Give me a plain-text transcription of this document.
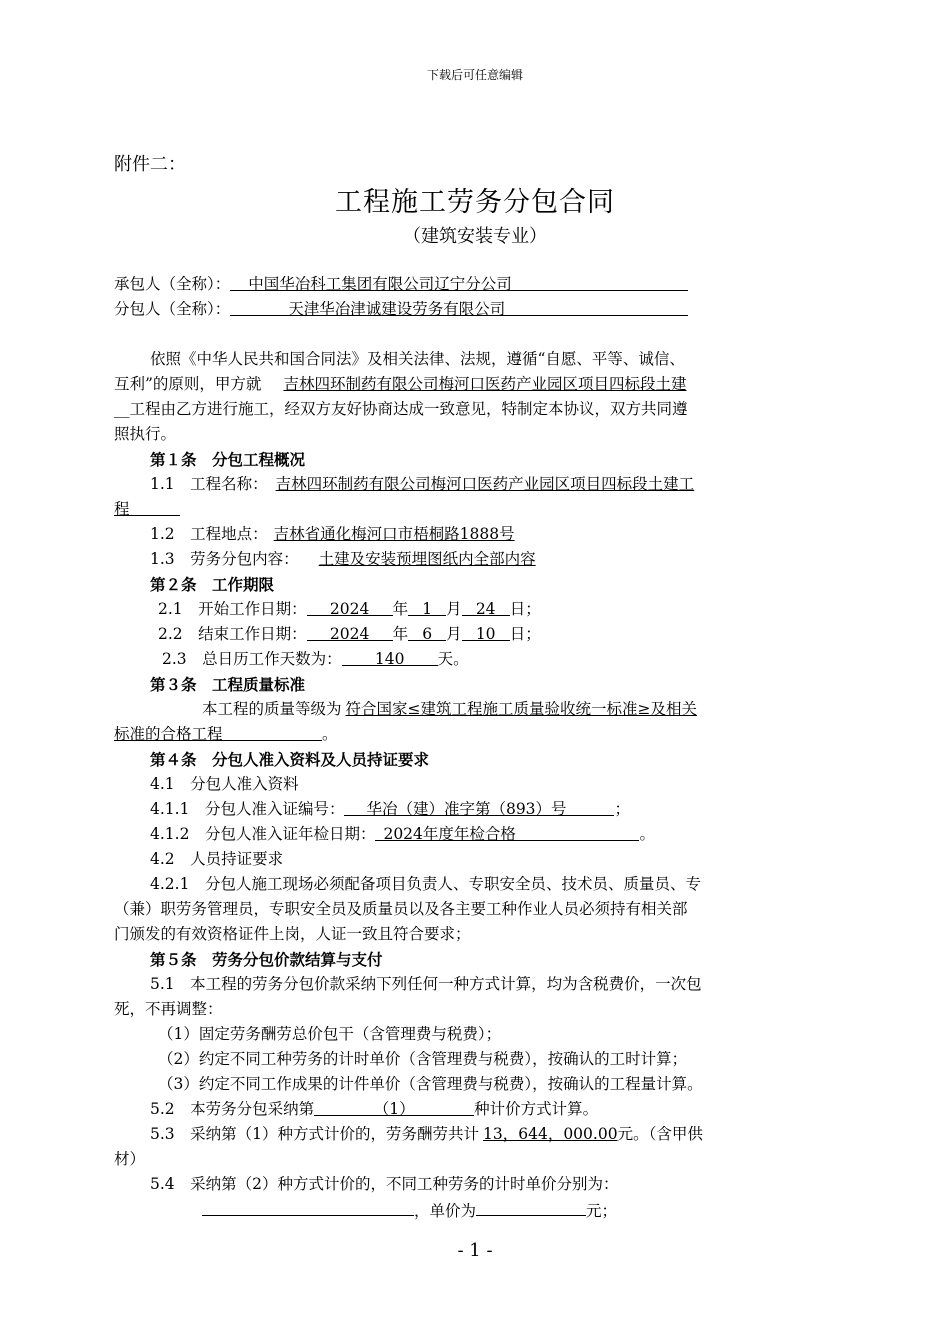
下载后可任意编辑
附件二：
工程施工劳务分包合同
（建筑安装专业）
承包人（全称）： 中国华冶科工集团有限公司辽宁分公司
分包人（全称）：	天津华冶津诚建设劳务有限公司
依照《中华人民共和国合同法》及相关法律、法规，遵循“自愿、平等、诚信、
互利”的原则，甲方就 吉林四环制药有限公司梅河口医药产业园区项目四标段土建
__工程由乙方进行施工，经双方友好协商达成一致意见，特制定本协议，双方共同遵
照执行。
第１条　分包工程概况
1.1　工程名称： 吉林四环制药有限公司梅河口医药产业园区项目四标段土建工
程
1.2　工程地点： 吉林省通化梅河口市梧桐路1888号
1.3　劳务分包内容： 土建及安装预埋图纸内全部内容
第２条　工作期限
2.1　开始工作日期： 2024 年 1 月 24 日；
2.2　结束工作日期： 2024 年 6 月 10 日；
2.3　总日历工作天数为： 140 天。
第３条　工程质量标准
本工程的质量等级为 符合国家≤建筑工程施工质量验收统一标准≥及相关
标准的合格工程	。
第４条　分包人准入资料及人员持证要求
4.1　分包人准入资料
4.1.1　分包人准入证编号： 华冶（建）准字第（893）号	；
4.1.2　分包人准入证年检日期： 2024年度年检合格	。
4.2　人员持证要求
4.2.1　分包人施工现场必须配备项目负责人、专职安全员、技术员、质量员、专
（兼）职劳务管理员，专职安全员及质量员以及各主要工种作业人员必须持有相关部
门颁发的有效资格证件上岗，人证一致且符合要求；
第５条　劳务分包价款结算与支付
5.1　本工程的劳务分包价款采纳下列任何一种方式计算，均为含税费价，一次包
死，不再调整：
（1）固定劳务酬劳总价包干（含管理费与税费）；
（2）约定不同工种劳务的计时单价（含管理费与税费），按确认的工时计算；
（3）约定不同工作成果的计件单价（含管理费与税费），按确认的工程量计算。
5.2　本劳务分包采纳第	（1）	种计价方式计算。
5.3　采纳第（1）种方式计价的，劳务酬劳共计 13，644，000.00元。（含甲供
材）
5.4　采纳第（2）种方式计价的，不同工种劳务的计时单价分别为：
，单价为	元；
- 1 -
